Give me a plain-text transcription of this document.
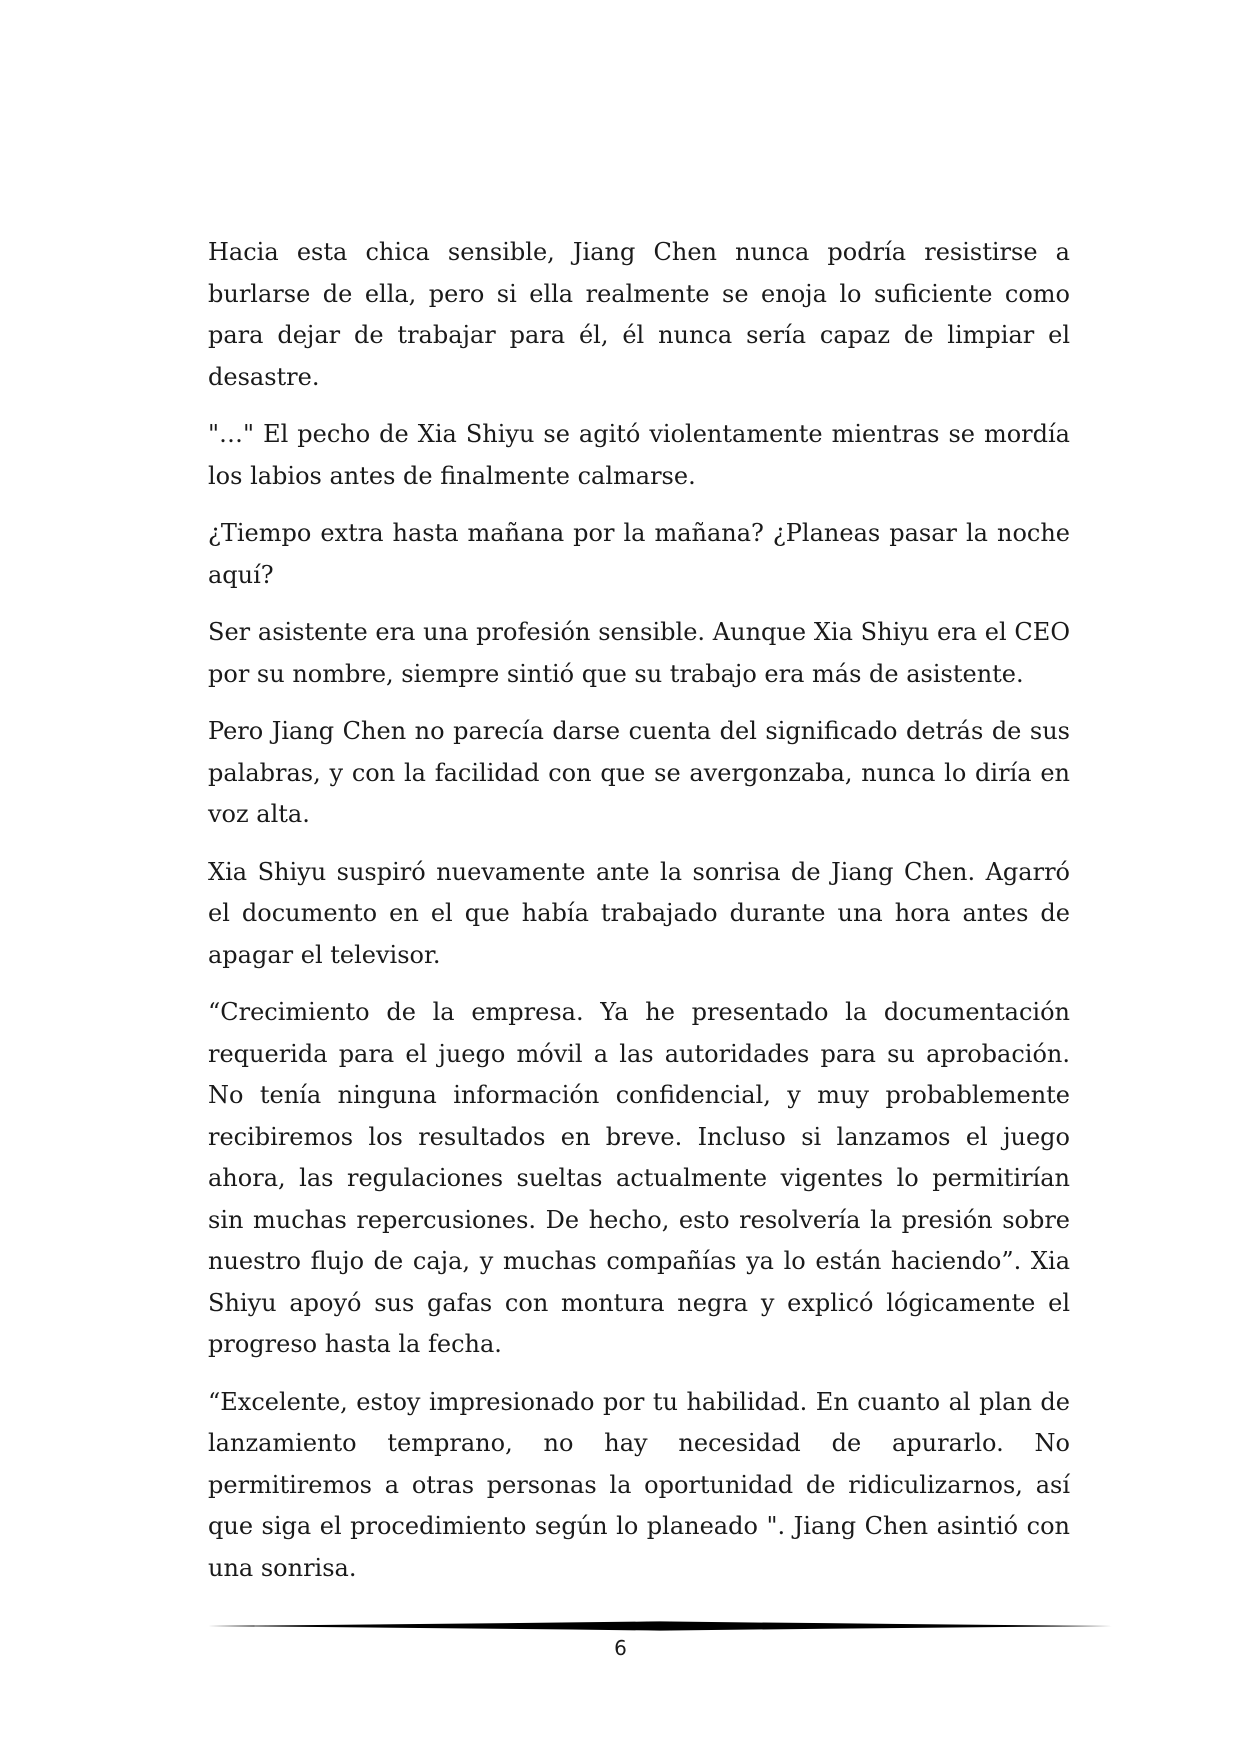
Hacia esta chica sensible, Jiang Chen nunca podría resistirse a burlarse de ella, pero si ella realmente se enoja lo suficiente como para dejar de trabajar para él, él nunca sería capaz de limpiar el desastre.

"…" El pecho de Xia Shiyu se agitó violentamente mientras se mordía los labios antes de finalmente calmarse.

¿Tiempo extra hasta mañana por la mañana? ¿Planeas pasar la noche aquí?

Ser asistente era una profesión sensible. Aunque Xia Shiyu era el CEO por su nombre, siempre sintió que su trabajo era más de asistente.

Pero Jiang Chen no parecía darse cuenta del significado detrás de sus palabras, y con la facilidad con que se avergonzaba, nunca lo diría en voz alta.

Xia Shiyu suspiró nuevamente ante la sonrisa de Jiang Chen. Agarró el documento en el que había trabajado durante una hora antes de apagar el televisor.

“Crecimiento de la empresa. Ya he presentado la documentación requerida para el juego móvil a las autoridades para su aprobación. No tenía ninguna información confidencial, y muy probablemente recibiremos los resultados en breve. Incluso si lanzamos el juego ahora, las regulaciones sueltas actualmente vigentes lo permitirían sin muchas repercusiones. De hecho, esto resolvería la presión sobre nuestro flujo de caja, y muchas compañías ya lo están haciendo”. Xia Shiyu apoyó sus gafas con montura negra y explicó lógicamente el progreso hasta la fecha.

“Excelente, estoy impresionado por tu habilidad. En cuanto al plan de lanzamiento temprano, no hay necesidad de apurarlo. No permitiremos a otras personas la oportunidad de ridiculizarnos, así que siga el procedimiento según lo planeado ". Jiang Chen asintió con una sonrisa.

6
